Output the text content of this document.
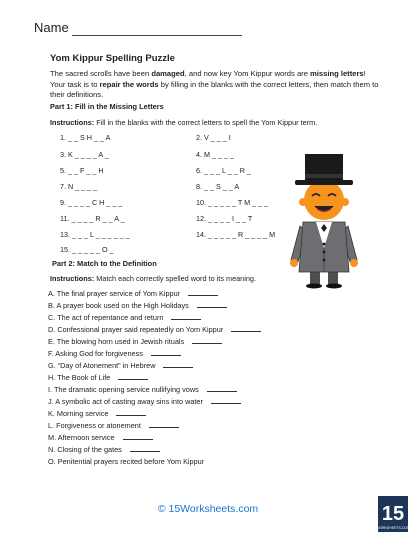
Name
Yom Kippur Spelling Puzzle
The sacred scrolls have been damaged, and now key Yom Kippur words are missing letters! Your task is to repair the words by filling in the blanks with the correct letters, then match them to their definitions.
Part 1: Fill in the Missing Letters
Instructions: Fill in the blanks with the correct letters to spell the Yom Kippur term.
1. _ _ S H _ _ A	2. V _ _ _ I
3. K _ _ _ _ A _	4. M _ _ _ _
5. _ _ F _ _ H	6. _ _ _ L _ _ R _
7. N _ _ _ _	8. _ _ S _ _ A
9. _ _ _ _ C H _ _ _	10. _ _ _ _ _ T M _ _ _
11. _ _ _ _ R _ _ A _	12. _ _ _ _ I _ _ T
13. _ _ _ L _ _ _ _ _ _	14. _ _ _ _ _ R _ _ _ _ M
15. _ _ _ _ _ O _
Part 2: Match to the Definition
Instructions: Match each correctly spelled word to its meaning.
A. The final prayer service of Yom Kippur
B. A prayer book used on the High Holidays
C. The act of repentance and return
D. Confessional prayer said repeatedly on Yom Kippur
E. The blowing horn used in Jewish rituals
F. Asking God for forgiveness
G. “Day of Atonement” in Hebrew
H. The Book of Life
I. The dramatic opening service nullifying vows
J. A symbolic act of casting away sins into water
K. Morning service
L. Forgiveness or atonement
M. Afternoon service
N. Closing of the gates
O. Penitential prayers recited before Yom Kippur
© 15Worksheets.com	15
WORKSHEETS.COM
